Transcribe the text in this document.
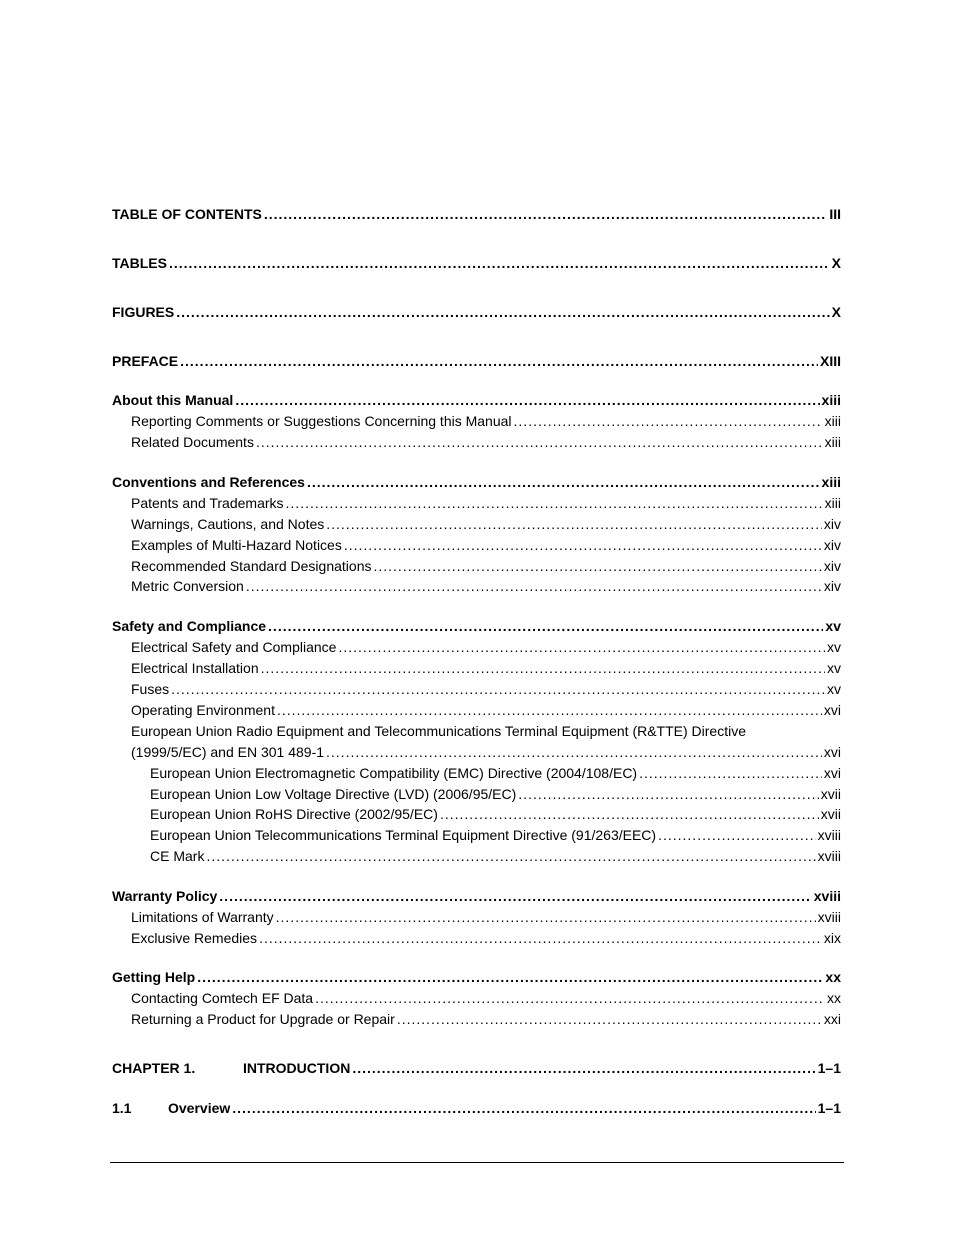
TABLE OF CONTENTS .....	III
TABLES .....	X
FIGURES .....	X
PREFACE .....	XIII
About this Manual .....	xiii
Reporting Comments or Suggestions Concerning this Manual .....	xiii
Related Documents .....	xiii
Conventions and References .....	xiii
Patents and Trademarks .....	xiii
Warnings, Cautions, and Notes .....	xiv
Examples of Multi-Hazard Notices .....	xiv
Recommended Standard Designations .....	xiv
Metric Conversion .....	xiv
Safety and Compliance .....	xv
Electrical Safety and Compliance .....	xv
Electrical Installation .....	xv
Fuses .....	xv
Operating Environment .....	xvi
European Union Radio Equipment and Telecommunications Terminal Equipment (R&TTE) Directive
(1999/5/EC) and EN 301 489-1 .....	xvi
European Union Electromagnetic Compatibility (EMC) Directive (2004/108/EC) .....	xvi
European Union Low Voltage Directive (LVD) (2006/95/EC) .....	xvii
European Union RoHS Directive (2002/95/EC) .....	xvii
European Union Telecommunications Terminal Equipment Directive (91/263/EEC) .....	xviii
CE Mark .....	xviii
Warranty Policy .....	xviii
Limitations of Warranty .....	xviii
Exclusive Remedies .....	xix
Getting Help .....	xx
Contacting Comtech EF Data .....	xx
Returning a Product for Upgrade or Repair .....	xxi
CHAPTER 1.	INTRODUCTION .....	1–1
1.1	Overview .....	1–1
